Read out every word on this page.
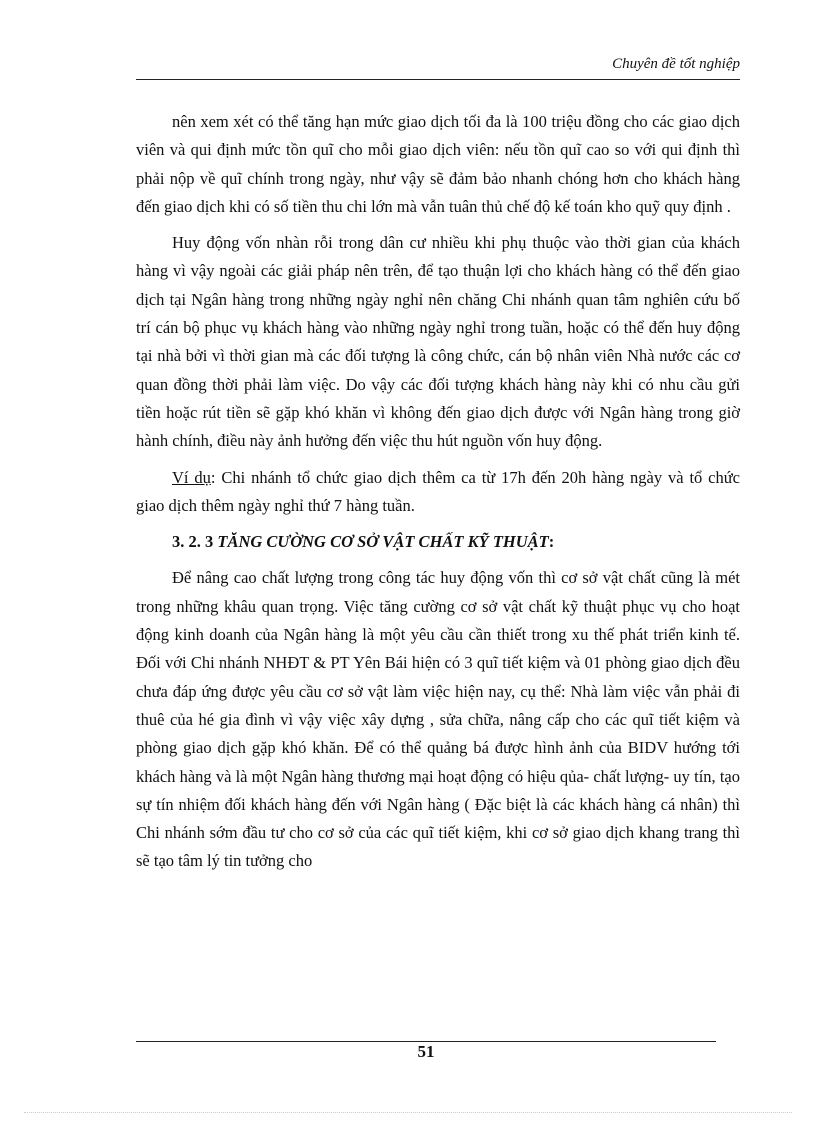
Chuyên đề tốt nghiệp

nên xem xét có thể tăng hạn mức giao dịch tối đa là 100 triệu đồng cho các giao dịch viên và qui định mức tồn quĩ cho mỗi giao dịch viên: nếu tồn quĩ cao so với qui định thì phải nộp về quĩ chính trong ngày, như vậy sẽ đảm bảo nhanh chóng hơn cho khách hàng đến giao dịch khi có số tiền thu chi lớn mà vẫn tuân thủ chế độ kế toán kho quỹ quy định .

Huy động vốn nhàn rỗi trong dân cư nhiều khi phụ thuộc vào thời gian của khách hàng vì vậy ngoài các giải pháp nên trên, để tạo thuận lợi cho khách hàng có thể đến giao dịch tại Ngân hàng trong những ngày nghỉ nên chăng Chi nhánh quan tâm nghiên cứu bố trí cán bộ phục vụ khách hàng vào những ngày nghỉ trong tuần, hoặc có thể đến huy động tại nhà bởi vì thời gian mà các đối tượng là công chức, cán bộ nhân viên Nhà nước các cơ quan đồng thời phải làm việc. Do vậy các đối tượng khách hàng này khi có nhu cầu gửi tiền hoặc rút tiền sẽ gặp khó khăn vì không đến giao dịch được với Ngân hàng trong giờ hành chính, điều này ảnh hưởng đến việc thu hút nguồn vốn huy động.

Ví dụ: Chi nhánh tổ chức giao dịch thêm ca từ 17h đến 20h hàng ngày và tổ chức giao dịch thêm ngày nghỉ thứ 7 hàng tuần.

3. 2. 3 TĂNG CƯỜNG CƠ SỞ VẬT CHẤT KỸ THUẬT:

Để nâng cao chất lượng trong công tác huy động vốn thì cơ sở vật chất cũng là mét trong những khâu quan trọng. Việc tăng cường cơ sở vật chất kỹ thuật phục vụ cho hoạt động kinh doanh của Ngân hàng là một yêu cầu cần thiết trong xu thế phát triển kinh tế. Đối với Chi nhánh NHĐT & PT Yên Bái hiện có 3 quĩ tiết kiệm và 01 phòng giao dịch đều chưa đáp ứng được yêu cầu cơ sở vật làm việc hiện nay, cụ thể: Nhà làm việc vẫn phải đi thuê của hé gia đình vì vậy việc xây dựng , sửa chữa, nâng cấp cho các quĩ tiết kiệm và phòng giao dịch gặp khó khăn. Để có thể quảng bá được hình ảnh của BIDV hướng tới khách hàng và là một Ngân hàng thương mại hoạt động có hiệu qủa- chất lượng- uy tín, tạo sự tín nhiệm đối khách hàng đến với Ngân hàng ( Đặc biệt là các khách hàng cá nhân) thì Chi nhánh sớm đầu tư cho cơ sở của các quĩ tiết kiệm, khi cơ sở giao dịch khang trang thì sẽ tạo tâm lý tin tưởng cho

51
